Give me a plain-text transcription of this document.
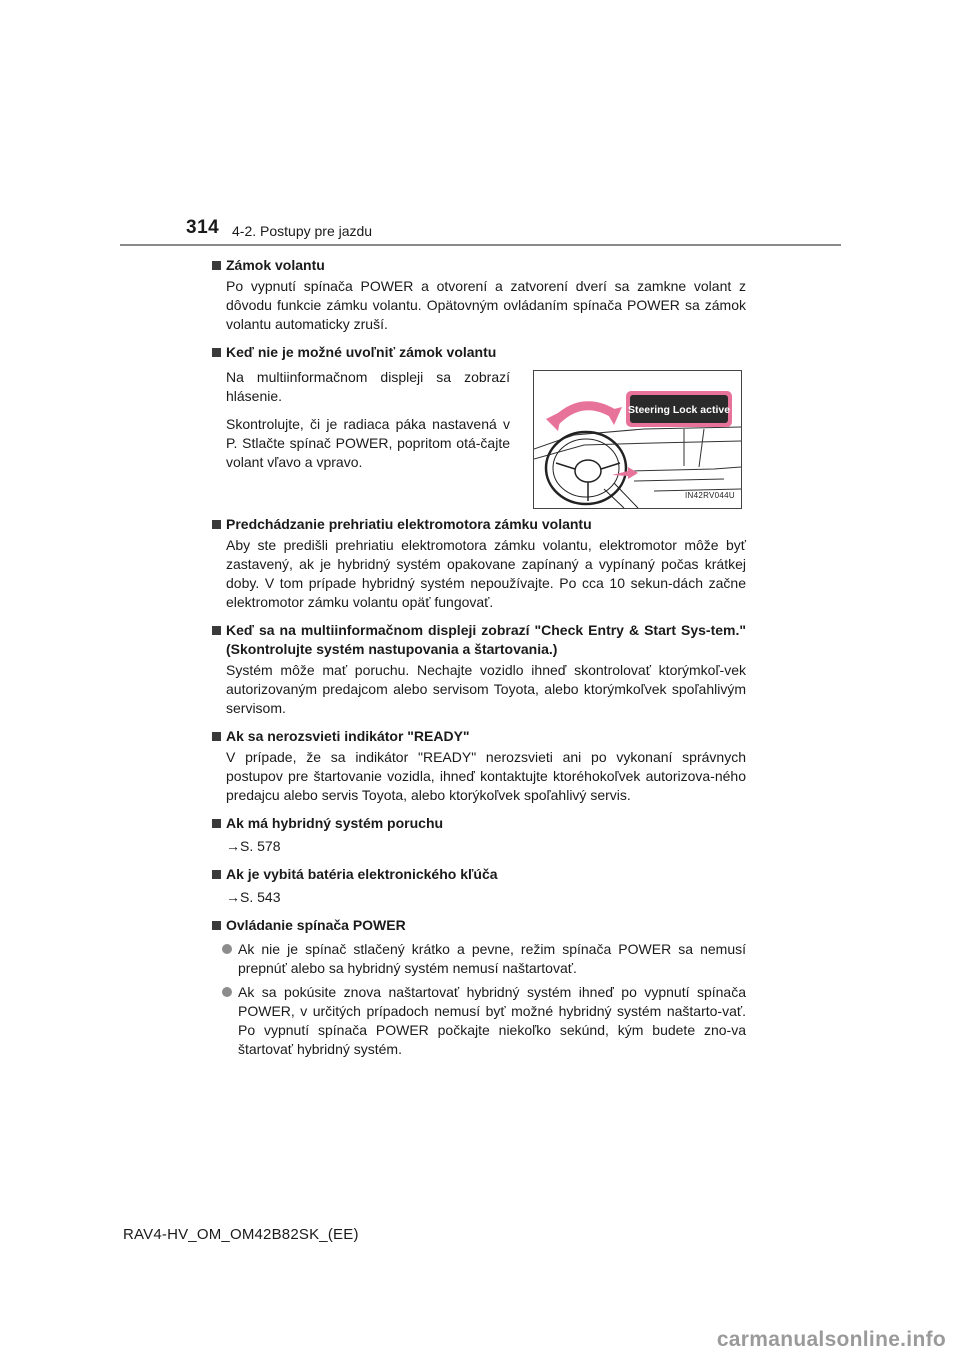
314 4-2. Postupy pre jazdu
Zámok volantu
Po vypnutí spínača POWER a otvorení a zatvorení dverí sa zamkne volant z dôvodu funkcie zámku volantu. Opätovným ovládaním spínača POWER sa zámok volantu automaticky zruší.
Keď nie je možné uvoľniť zámok volantu

Na multiinformačnom displeji sa zobrazí hlásenie.

Skontrolujte, či je radiaca páka nastavená v P. Stlačte spínač POWER, popritom otá-čajte volant vľavo a vpravo.

Steering Lock active
IN42RV044U
Predchádzanie prehriatiu elektromotora zámku volantu
Aby ste predišli prehriatiu elektromotora zámku volantu, elektromotor môže byť zastavený, ak je hybridný systém opakovane zapínaný a vypínaný počas krátkej doby. V tom prípade hybridný systém nepoužívajte. Po cca 10 sekun-dách začne elektromotor zámku volantu opäť fungovať.
Keď sa na multiinformačnom displeji zobrazí "Check Entry & Start Sys-tem." (Skontrolujte systém nastupovania a štartovania.)
Systém môže mať poruchu. Nechajte vozidlo ihneď skontrolovať ktorýmkoľ-vek autorizovaným predajcom alebo servisom Toyota, alebo ktorýmkoľvek spoľahlivým servisom.
Ak sa nerozsvieti indikátor "READY"
V prípade, že sa indikátor "READY" nerozsvieti ani po vykonaní správnych postupov pre štartovanie vozidla, ihneď kontaktujte ktoréhokoľvek autorizova-ného predajcu alebo servis Toyota, alebo ktorýkoľvek spoľahlivý servis.
Ak má hybridný systém poruchu
→S. 578
Ak je vybitá batéria elektronického kľúča
→S. 543
Ovládanie spínača POWER
Ak nie je spínač stlačený krátko a pevne, režim spínača POWER sa nemusí prepnúť alebo sa hybridný systém nemusí naštartovať.
Ak sa pokúsite znova naštartovať hybridný systém ihneď po vypnutí spínača POWER, v určitých prípadoch nemusí byť možné hybridný systém naštarto-vať. Po vypnutí spínača POWER počkajte niekoľko sekúnd, kým budete zno-va štartovať hybridný systém.
RAV4-HV_OM_OM42B82SK_(EE)
carmanualsonline.info
